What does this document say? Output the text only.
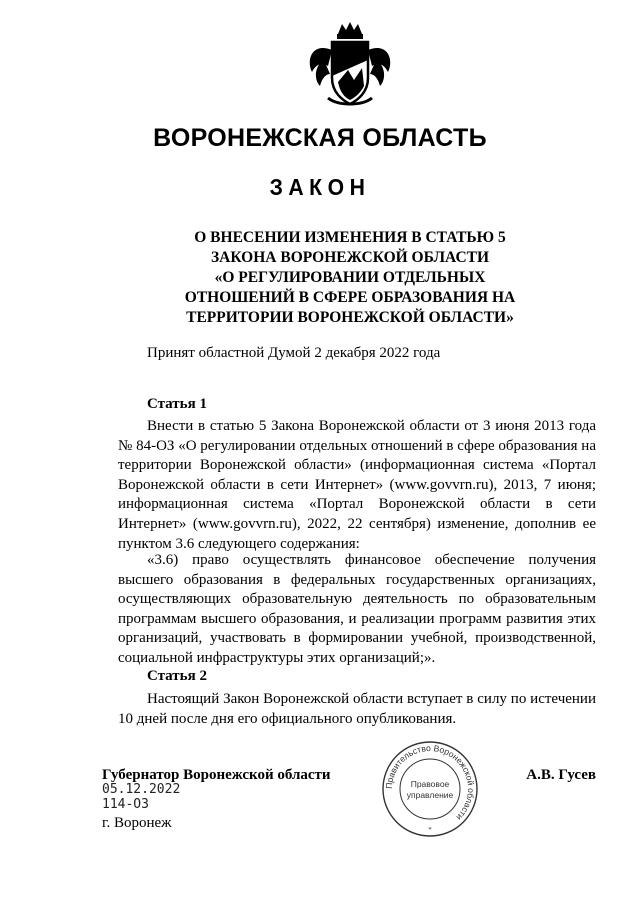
ВОРОНЕЖСКАЯ ОБЛАСТЬ
ЗАКОН
О ВНЕСЕНИИ ИЗМЕНЕНИЯ В СТАТЬЮ 5
ЗАКОНА ВОРОНЕЖСКОЙ ОБЛАСТИ
«О РЕГУЛИРОВАНИИ ОТДЕЛЬНЫХ
ОТНОШЕНИЙ В СФЕРЕ ОБРАЗОВАНИЯ НА
ТЕРРИТОРИИ ВОРОНЕЖСКОЙ ОБЛАСТИ»
Принят областной Думой 2 декабря 2022 года
Статья 1
Внести в статью 5 Закона Воронежской области от 3 июня 2013 года № 84-ОЗ «О регулировании отдельных отношений в сфере образования на территории Воронежской области» (информационная система «Портал Воронежской области в сети Интернет» (www.govvrn.ru), 2013, 7 июня; информационная система «Портал Воронежской области в сети Интернет» (www.govvrn.ru), 2022, 22 сентября) изменение, дополнив ее пунктом 3.6 следующего содержания:
«3.6) право осуществлять финансовое обеспечение получения высшего образования в федеральных государственных организациях, осуществляющих образовательную деятельность по образовательным программам высшего образования, и реализации программ развития этих организаций, участвовать в формировании учебной, производственной, социальной инфраструктуры этих организаций;».
Статья 2
Настоящий Закон Воронежской области вступает в силу по истечении 10 дней после дня его официального опубликования.
Губернатор Воронежской области	А.В. Гусев
05.12.2022
114-ОЗ
г. Воронеж
Правительство Воронежской области
Правовое
управление
*
